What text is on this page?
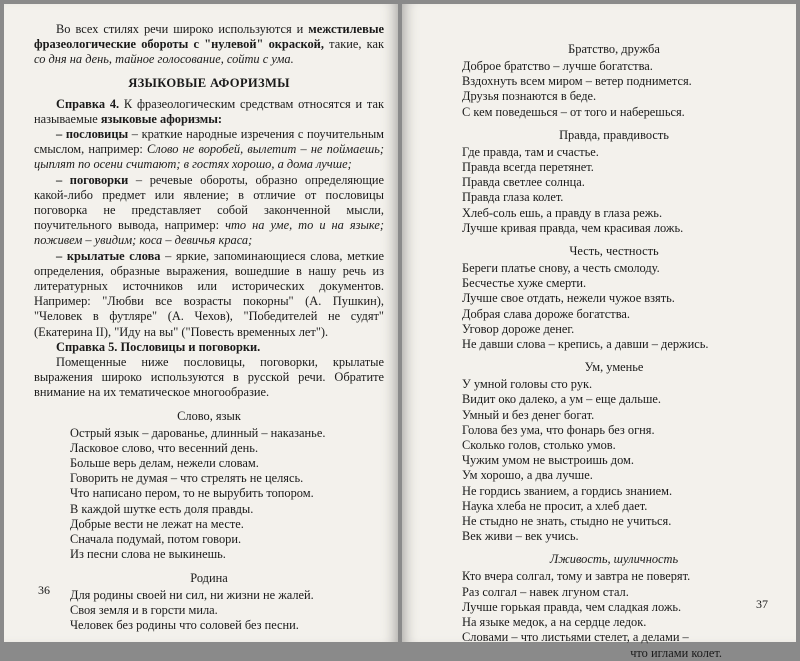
Во всех стилях речи широко используются и межстилевые фразеологические обороты с "нулевой" окраской, такие, как со дня на день, тайное голосование, сойти с ума.

ЯЗЫКОВЫЕ АФОРИЗМЫ

Справка 4. К фразеологическим средствам относятся и так называемые языковые афоризмы:

– пословицы – краткие народные изречения с поучительным смыслом, например: Слово не воробей, вылетит – не поймаешь; цыплят по осени считают; в гостях хорошо, а дома лучше;

– поговорки – речевые обороты, образно определяющие какой-либо предмет или явление; в отличие от пословицы поговорка не представляет собой законченной мысли, поучительного вывода, например: что на уме, то и на языке; поживем – увидим; коса – девичья краса;

– крылатые слова – яркие, запоминающиеся слова, меткие определения, образные выражения, вошедшие в нашу речь из литературных источников или исторических документов. Например: "Любви все возрасты покорны" (А. Пушкин), "Человек в футляре" (А. Чехов), "Победителей не судят" (Екатерина II), "Иду на вы" ("Повесть временных лет").

Справка 5. Пословицы и поговорки.

Помещенные ниже пословицы, поговорки, крылатые выражения широко используются в русской речи. Обратите внимание на их тематическое многообразие.

Слово, язык

Острый язык – дарованье, длинный – наказанье.

Ласковое слово, что весенний день.

Больше верь делам, нежели словам.

Говорить не думая – что стрелять не целясь.

Что написано пером, то не вырубить топором.

В каждой шутке есть доля правды.

Добрые вести не лежат на месте.

Сначала подумай, потом говори.

Из песни слова не выкинешь.

Родина

Для родины своей ни сил, ни жизни не жалей.

Своя земля и в горсти мила.

Человек без родины что соловей без песни.

36
Братство, дружба

Доброе братство – лучше богатства.

Вздохнуть всем миром – ветер поднимется.

Друзья познаются в беде.

С кем поведешься – от того и наберешься.

Правда, правдивость

Где правда, там и счастье.

Правда всегда перетянет.

Правда светлее солнца.

Правда глаза колет.

Хлеб-соль ешь, а правду в глаза режь.

Лучше кривая правда, чем красивая ложь.

Честь, честность

Береги платье снову, а честь смолоду.

Бесчестье хуже смерти.

Лучше свое отдать, нежели чужое взять.

Добрая слава дороже богатства.

Уговор дороже денег.

Не давши слова – крепись, а давши – держись.

Ум, уменье

У умной головы сто рук.

Видит око далеко, а ум – еще дальше.

Умный и без денег богат.

Голова без ума, что фонарь без огня.

Сколько голов, столько умов.

Чужим умом не выстроишь дом.

Ум хорошо, а два лучше.

Не гордись званием, а гордись знанием.

Наука хлеба не просит, а хлеб дает.

Не стыдно не знать, стыдно не учиться.

Век живи – век учись.

Лживость, шуличность

Кто вчера солгал, тому и завтра не поверят.

Раз солгал – навек лгуном стал.

Лучше горькая правда, чем сладкая ложь.

На языке медок, а на сердце ледок.

Словами – что листьями стелет, а делами –

что иглами колет.

37
